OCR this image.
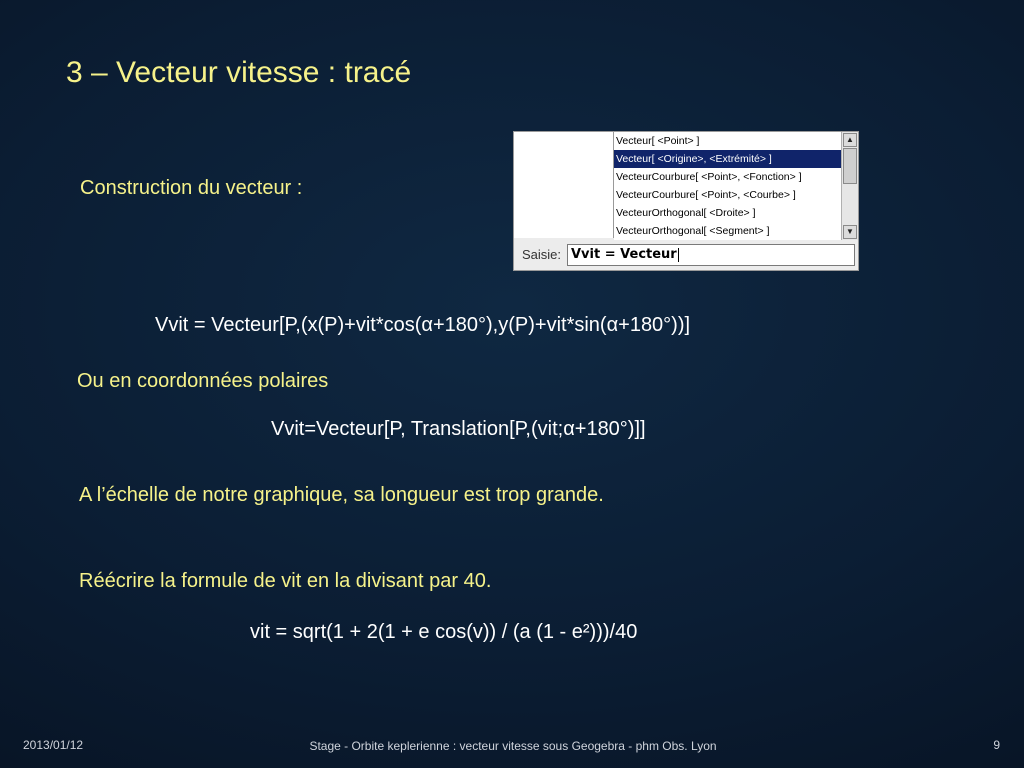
3 – Vecteur vitesse : tracé
Construction du vecteur :
Vecteur[ <Point> ]
Vecteur[ <Origine>, <Extrémité> ]
VecteurCourbure[ <Point>, <Fonction> ]
VecteurCourbure[ <Point>, <Courbe> ]
VecteurOrthogonal[ <Droite> ]
VecteurOrthogonal[ <Segment> ]
▲
▼
Saisie: Vvit = Vecteur
Vvit = Vecteur[P,(x(P)+vit*cos(α+180°),y(P)+vit*sin(α+180°))]
Ou en coordonnées polaires
Vvit=Vecteur[P, Translation[P,(vit;α+180°)]]
A l’échelle de notre graphique, sa longueur est trop grande.
Réécrire la formule de vit en la divisant par 40.
vit = sqrt(1 + 2(1 + e cos(v)) / (a (1 - e²)))/40
2013/01/12	Stage - Orbite keplerienne : vecteur vitesse sous Geogebra - phm Obs. Lyon	9
